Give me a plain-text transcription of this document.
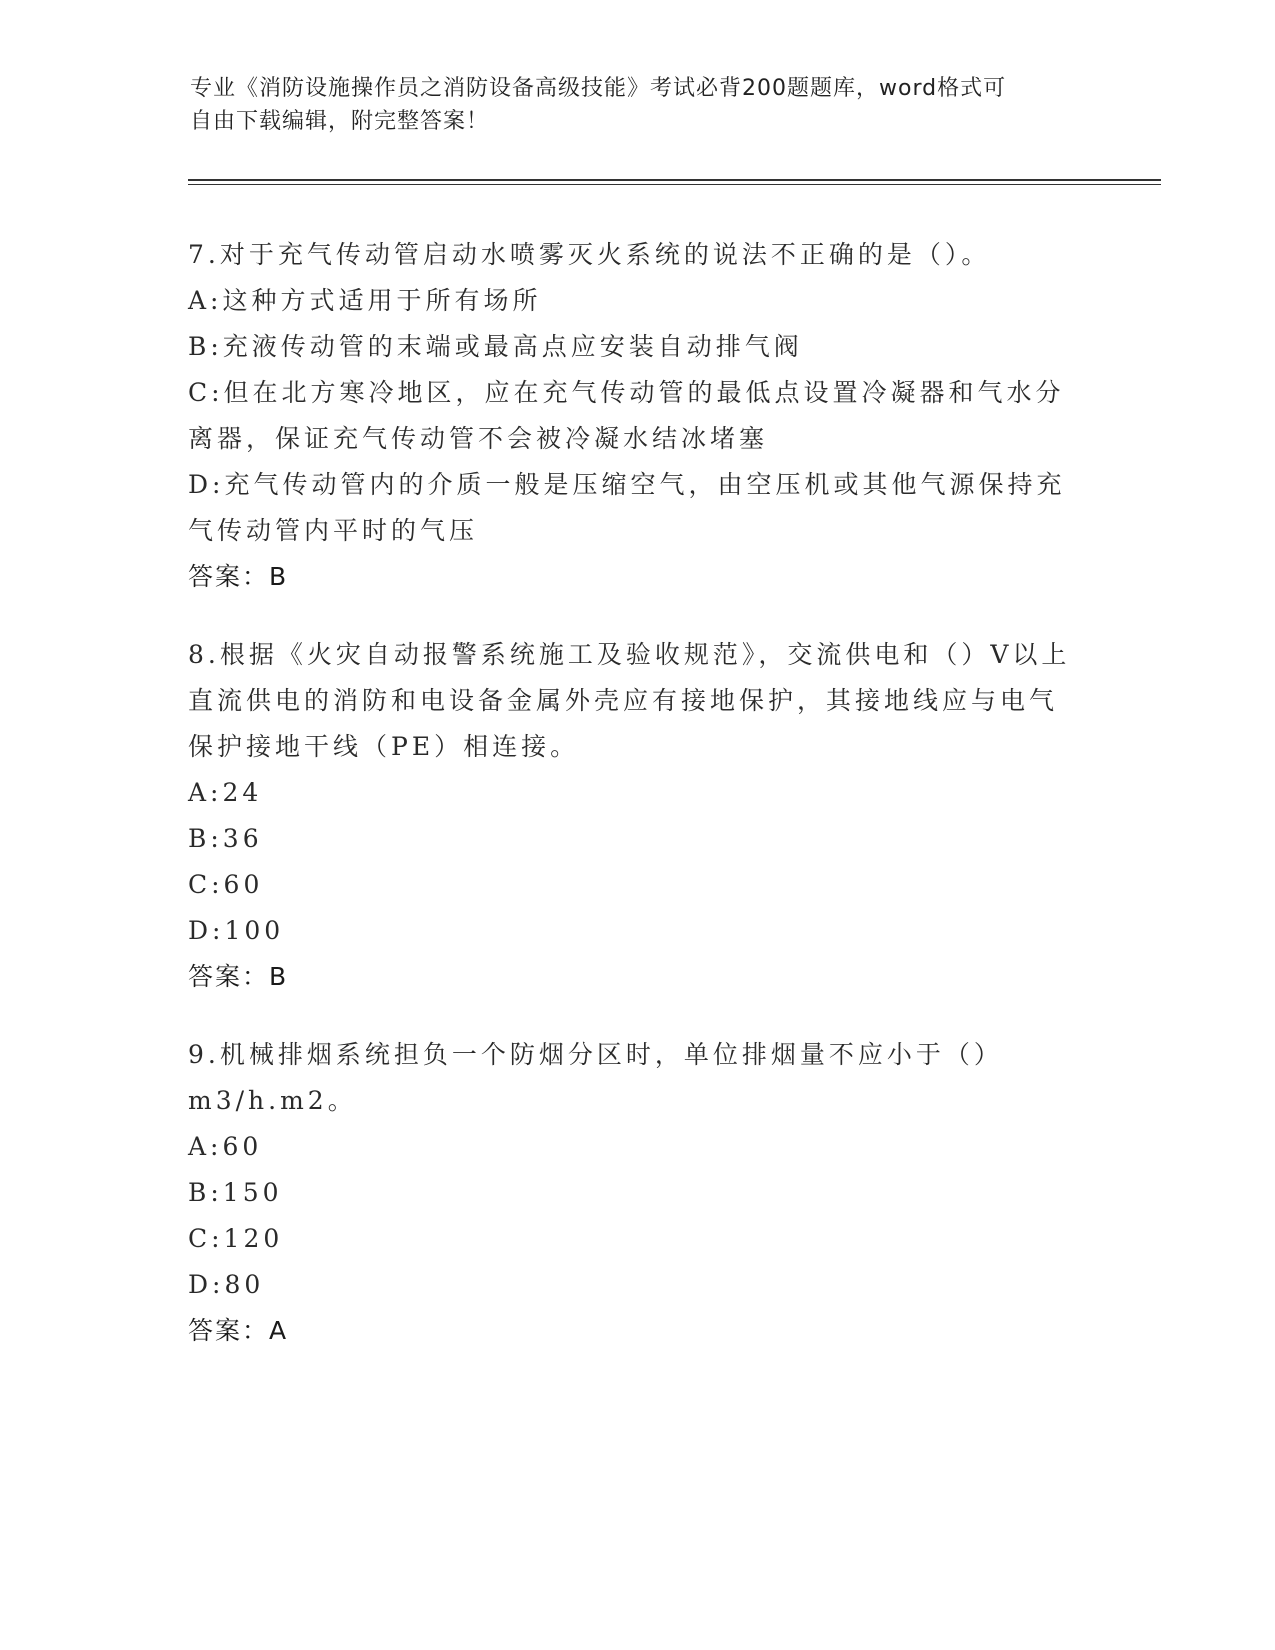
专业《消防设施操作员之消防设备高级技能》考试必背200题题库，word格式可
自由下载编辑，附完整答案！

7.对于充气传动管启动水喷雾灭火系统的说法不正确的是（）。

A:这种方式适用于所有场所

B:充液传动管的末端或最高点应安装自动排气阀

C:但在北方寒冷地区，应在充气传动管的最低点设置冷凝器和气水分

离器，保证充气传动管不会被冷凝水结冰堵塞

D:充气传动管内的介质一般是压缩空气，由空压机或其他气源保持充

气传动管内平时的气压

答案：B

8.根据《火灾自动报警系统施工及验收规范》，交流供电和（）V以上

直流供电的消防和电设备金属外壳应有接地保护，其接地线应与电气

保护接地干线（PE）相连接。

A:24

B:36

C:60

D:100

答案：B

9.机械排烟系统担负一个防烟分区时，单位排烟量不应小于（）

m3/h.m2。

A:60

B:150

C:120

D:80

答案：A
